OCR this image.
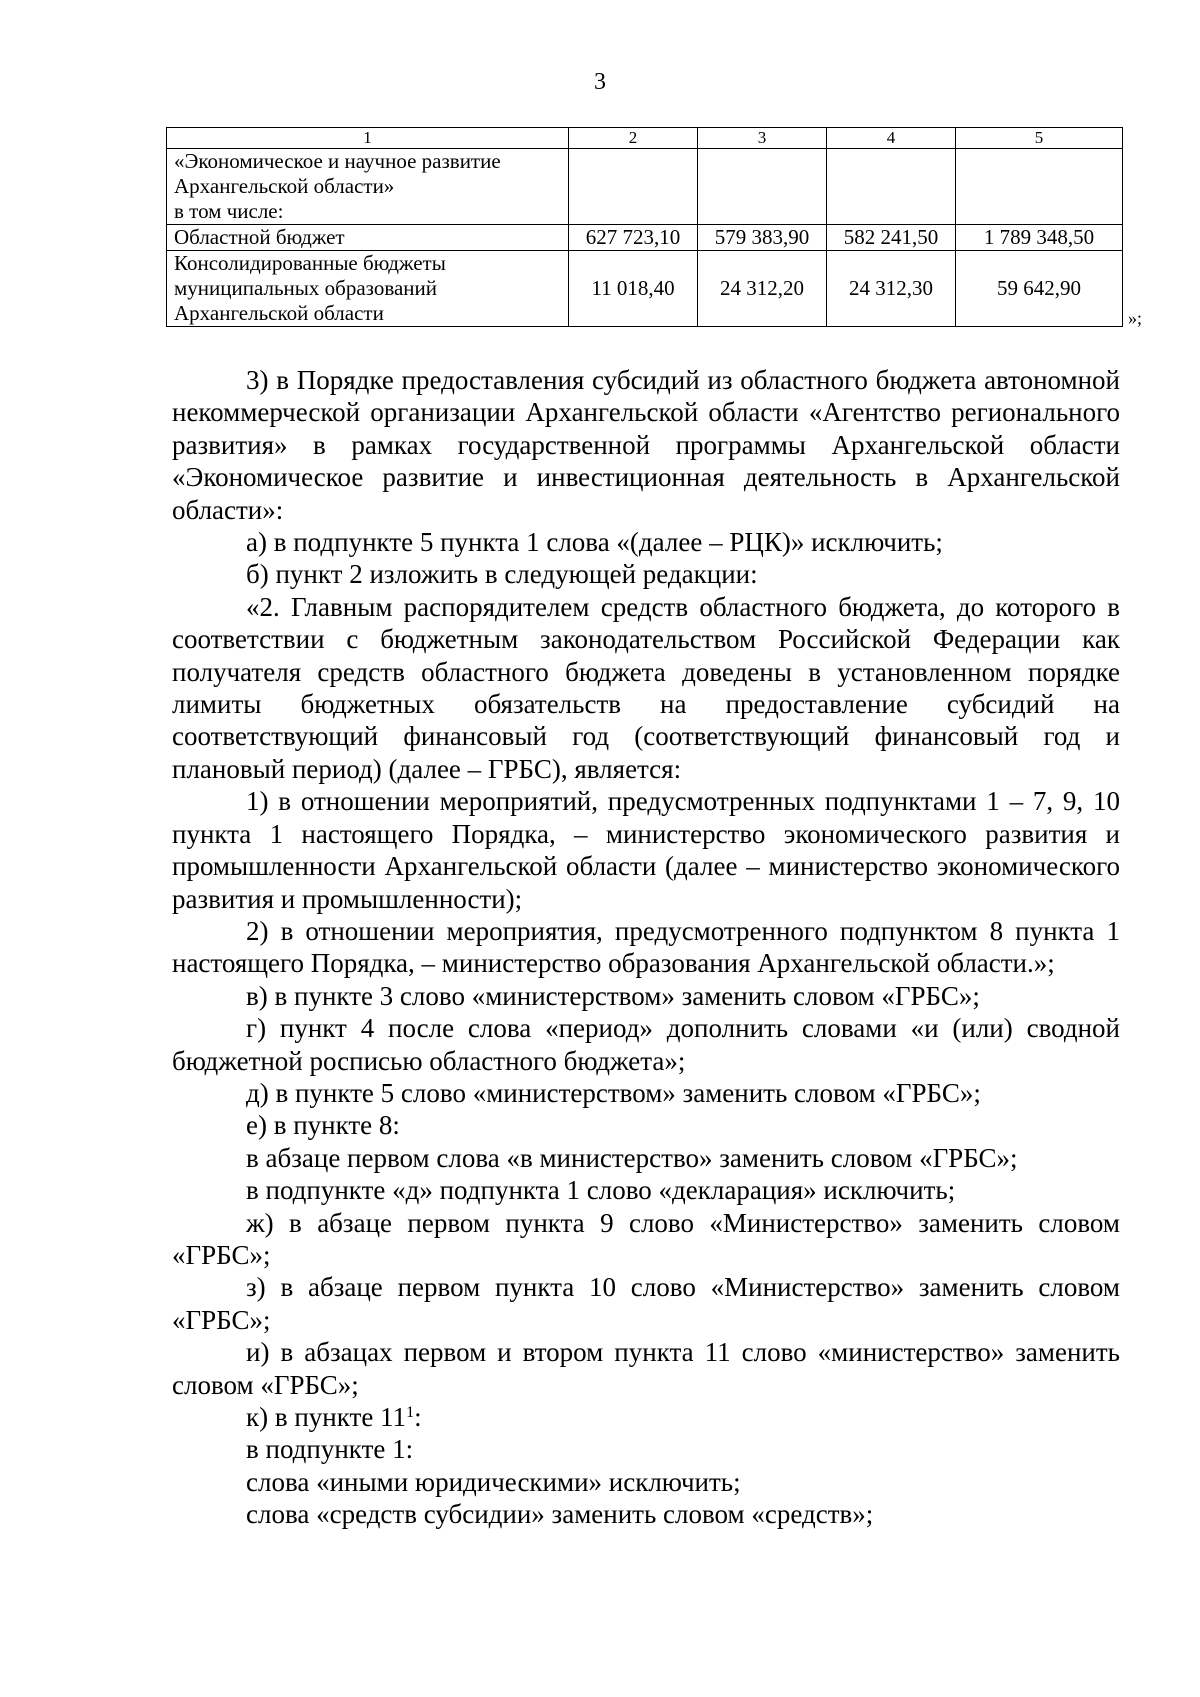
3
1	2	3	4	5

«Экономическое и научное развитие
Архангельской области»
в том числе:				

Областной бюджет	627 723,10	579 383,90	582 241,50	1 789 348,50

Консолидированные бюджеты
муниципальных образований
Архангельской области	11 018,40	24 312,20	24 312,30	59 642,90
»;

3) в Порядке предоставления субсидий из областного бюджета автономной некоммерческой организации Архангельской области «Агентство регионального развития» в рамках государственной программы Архангельской области «Экономическое развитие и инвестиционная деятельность в Архангельской области»:

а) в подпункте 5 пункта 1 слова «(далее – РЦК)» исключить;

б) пункт 2 изложить в следующей редакции:

«2. Главным распорядителем средств областного бюджета, до которого в соответствии с бюджетным законодательством Российской Федерации как получателя средств областного бюджета доведены в установленном порядке лимиты бюджетных обязательств на предоставление субсидий на соответствующий финансовый год (соответствующий финансовый год и плановый период) (далее – ГРБС), является:

1) в отношении мероприятий, предусмотренных подпунктами 1 – 7, 9, 10 пункта 1 настоящего Порядка, – министерство экономического развития и промышленности Архангельской области (далее – министерство экономического развития и промышленности);

2) в отношении мероприятия, предусмотренного подпунктом 8 пункта 1 настоящего Порядка, – министерство образования Архангельской области.»;

в) в пункте 3 слово «министерством» заменить словом «ГРБС»;

г) пункт 4 после слова «период» дополнить словами «и (или) сводной бюджетной росписью областного бюджета»;

д) в пункте 5 слово «министерством» заменить словом «ГРБС»;

е) в пункте 8:

в абзаце первом слова «в министерство» заменить словом «ГРБС»;

в подпункте «д» подпункта 1 слово «декларация» исключить;

ж) в абзаце первом пункта 9 слово «Министерство» заменить словом «ГРБС»;

з) в абзаце первом пункта 10 слово «Министерство» заменить словом «ГРБС»;

и) в абзацах первом и втором пункта 11 слово «министерство» заменить словом «ГРБС»;

к) в пункте $11^1$:

в подпункте 1:

слова «иными юридическими» исключить;

слова «средств субсидии» заменить словом «средств»;
